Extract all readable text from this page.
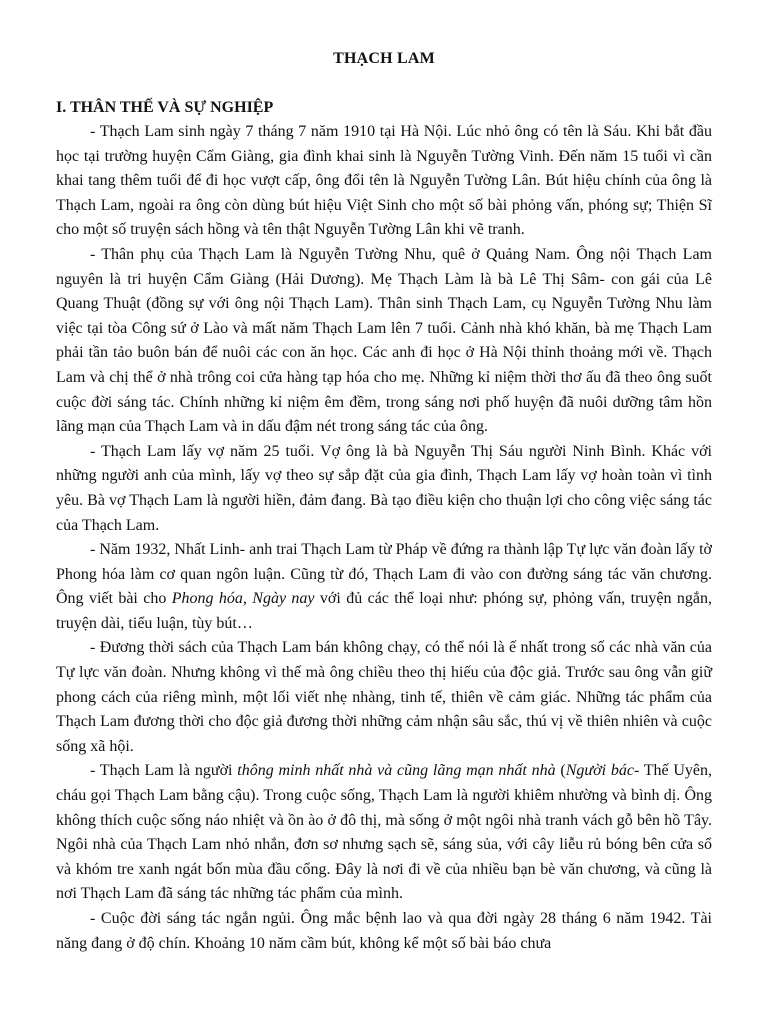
THẠCH LAM
I. THÂN THẾ VÀ SỰ NGHIỆP

- Thạch Lam sinh ngày 7 tháng 7 năm 1910 tại Hà Nội. Lúc nhỏ ông có tên là Sáu. Khi bắt đầu học tại trường huyện Cẩm Giàng, gia đình khai sinh là Nguyễn Tường Vinh. Đến năm 15 tuổi vì cần khai tang thêm tuổi để đi học vượt cấp, ông đổi tên là Nguyễn Tường Lân. Bút hiệu chính của ông là Thạch Lam, ngoài ra ông còn dùng bút hiệu Việt Sinh cho một số bài phỏng vấn, phóng sự; Thiện Sĩ cho một số truyện sách hồng và tên thật Nguyễn Tường Lân khi vẽ tranh.

- Thân phụ của Thạch Lam là Nguyễn Tường Nhu, quê ở Quảng Nam. Ông nội Thạch Lam nguyên là tri huyện Cẩm Giàng (Hải Dương). Mẹ Thạch Làm là bà Lê Thị Sâm- con gái của Lê Quang Thuật (đồng sự với ông nội Thạch Lam). Thân sinh Thạch Lam, cụ Nguyễn Tường Nhu làm việc tại tòa Công sứ ở Lào và mất năm Thạch Lam lên 7 tuổi. Cảnh nhà khó khăn, bà mẹ Thạch Lam phải tần tảo buôn bán để nuôi các con ăn học. Các anh đi học ở Hà Nội thỉnh thoảng mới về. Thạch Lam và chị thể ở nhà trông coi cửa hàng tạp hóa cho mẹ. Những kỉ niệm thời thơ ấu đã theo ông suốt cuộc đời sáng tác. Chính những kỉ niệm êm đềm, trong sáng nơi phố huyện đã nuôi dưỡng tâm hồn lãng mạn của Thạch Lam và in dấu đậm nét trong sáng tác của ông.

- Thạch Lam lấy vợ năm 25 tuổi. Vợ ông là bà Nguyễn Thị Sáu người Ninh Bình. Khác với những người anh của mình, lấy vợ theo sự sắp đặt của gia đình, Thạch Lam lấy vợ hoàn toàn vì tình yêu. Bà vợ Thạch Lam là người hiền, đảm đang. Bà tạo điều kiện cho thuận lợi cho công việc sáng tác của Thạch Lam.

- Năm 1932, Nhất Linh- anh trai Thạch Lam từ Pháp về đứng ra thành lập Tự lực văn đoàn lấy tờ Phong hóa làm cơ quan ngôn luận. Cũng từ đó, Thạch Lam đi vào con đường sáng tác văn chương. Ông viết bài cho Phong hóa, Ngày nay với đủ các thể loại như: phóng sự, phỏng vấn, truyện ngắn, truyện dài, tiểu luận, tùy bút…

- Đương thời sách của Thạch Lam bán không chạy, có thể nói là ế nhất trong số các nhà văn của Tự lực văn đoàn. Nhưng không vì thế mà ông chiều theo thị hiếu của độc giả. Trước sau ông vẫn giữ phong cách của riêng mình, một lối viết nhẹ nhàng, tinh tế, thiên về cảm giác. Những tác phẩm của Thạch Lam đương thời cho độc giả đương thời những cảm nhận sâu sắc, thú vị về thiên nhiên và cuộc sống xã hội.

- Thạch Lam là người thông minh nhất nhà và cũng lãng mạn nhất nhà (Người bác- Thế Uyên, cháu gọi Thạch Lam bằng cậu). Trong cuộc sống, Thạch Lam là người khiêm nhường và bình dị. Ông không thích cuộc sống náo nhiệt và ồn ào ở đô thị, mà sống ở một ngôi nhà tranh vách gỗ bên hồ Tây. Ngôi nhà của Thạch Lam nhỏ nhắn, đơn sơ nhưng sạch sẽ, sáng sủa, với cây liễu rủ bóng bên cửa sổ và khóm tre xanh ngát bốn mùa đầu cổng. Đây là nơi đi về của nhiều bạn bè văn chương, và cũng là nơi Thạch Lam đã sáng tác những tác phẩm của mình.

- Cuộc đời sáng tác ngắn ngủi. Ông mắc bệnh lao và qua đời ngày 28 tháng 6 năm 1942. Tài năng đang ở độ chín. Khoảng 10 năm cầm bút, không kể một số bài báo chưa
